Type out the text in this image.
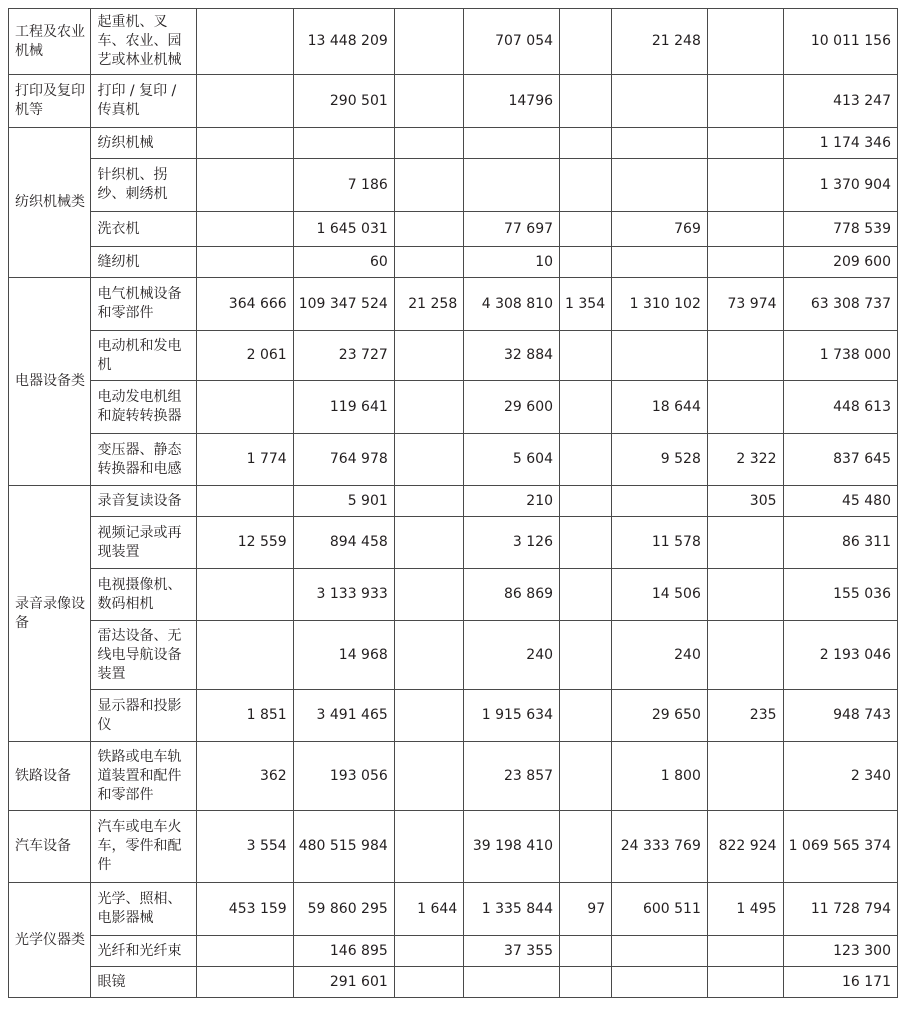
工程及农业机械	起重机、叉车、农业、园艺或林业机械		13 448 209		707 054		21 248		10 011 156
打印及复印机等	打印 / 复印 / 传真机		290 501		14796				413 247
纺织机械类	纺织机械								1 174 346
	针织机、拐纱、刺绣机		7 186						1 370 904
	洗衣机		1 645 031		77 697		769		778 539
	缝纫机		60		10				209 600
电器设备类	电气机械设备和零部件	364 666	109 347 524	21 258	4 308 810	1 354	1 310 102	73 974	63 308 737
	电动机和发电机	2 061	23 727		32 884				1 738 000
	电动发电机组和旋转转换器		119 641		29 600		18 644		448 613
	变压器、静态转换器和电感	1 774	764 978		5 604		9 528	2 322	837 645
录音录像设备	录音复读设备		5 901		210			305	45 480
	视频记录或再现装置	12 559	894 458		3 126		11 578		86 311
	电视摄像机、数码相机		3 133 933		86 869		14 506		155 036
	雷达设备、无线电导航设备装置		14 968		240		240		2 193 046
	显示器和投影仪	1 851	3 491 465		1 915 634		29 650	235	948 743
铁路设备	铁路或电车轨道装置和配件和零部件	362	193 056		23 857		1 800		2 340
汽车设备	汽车或电车火车，零件和配件	3 554	480 515 984		39 198 410		24 333 769	822 924	1 069 565 374
光学仪器类	光学、照相、电影器械	453 159	59 860 295	1 644	1 335 844	97	600 511	1 495	11 728 794
	光纤和光纤束		146 895		37 355				123 300
	眼镜		291 601						16 171
